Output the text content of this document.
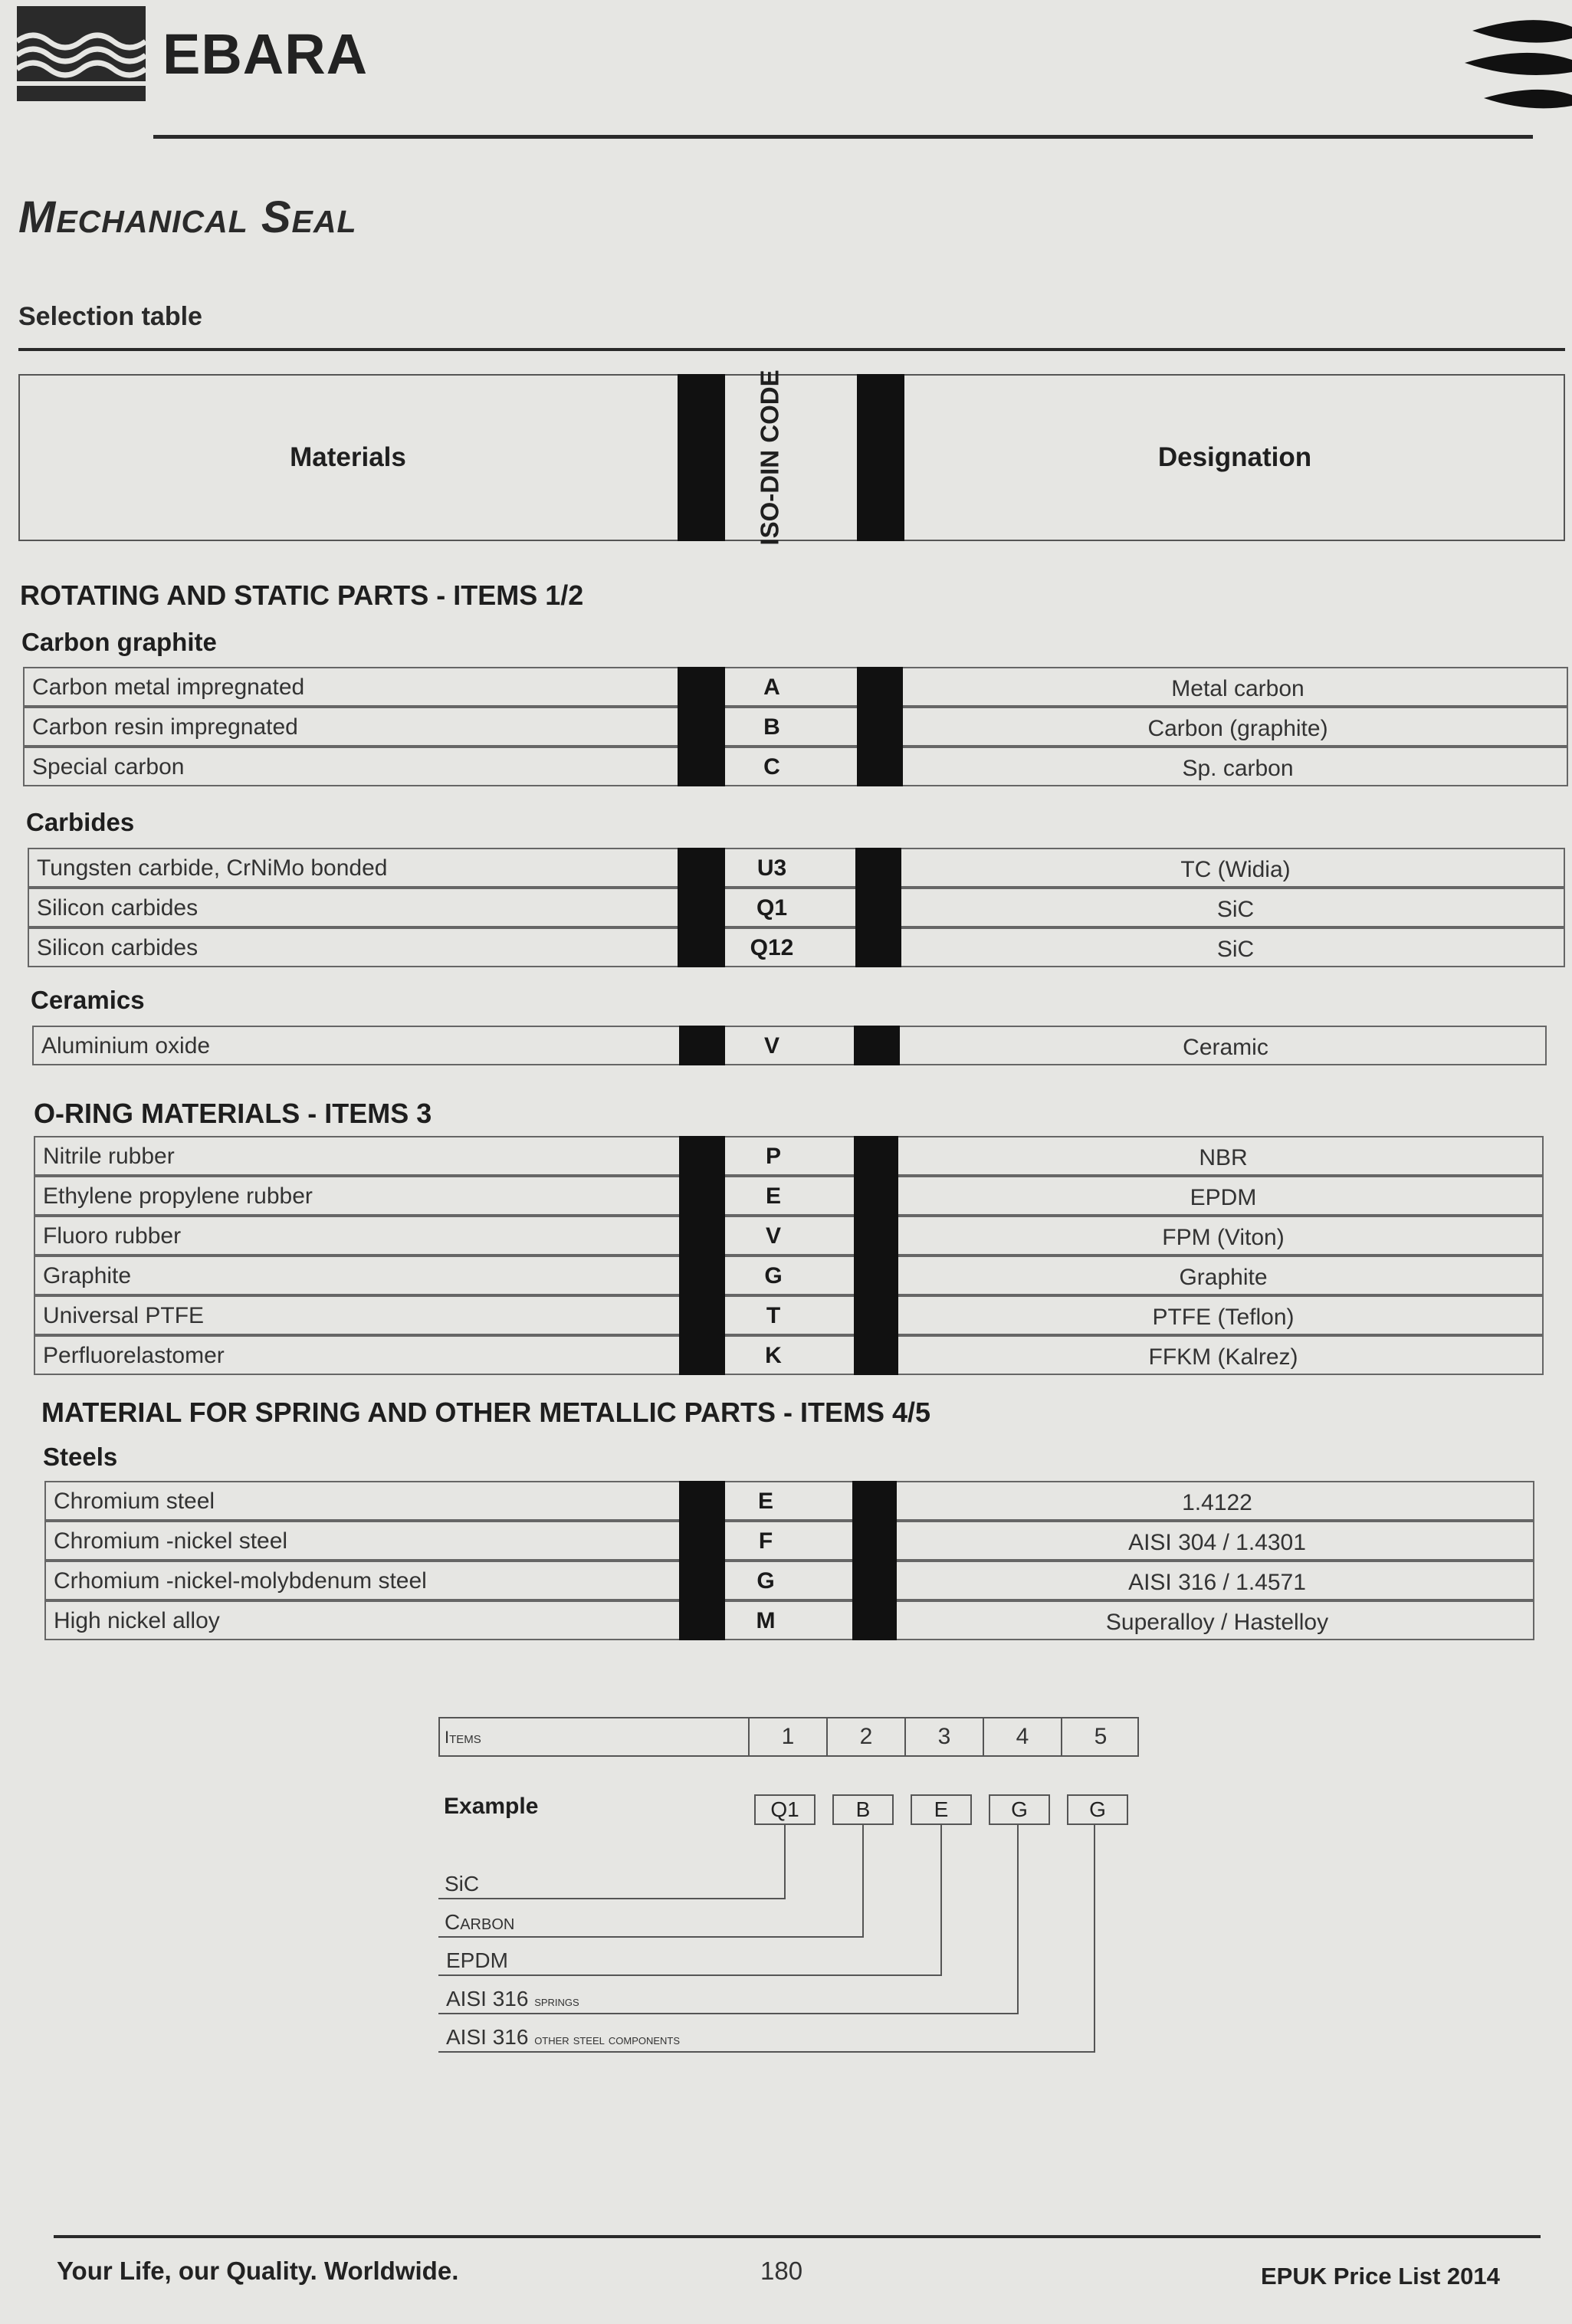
EBARA
Mechanical Seal
Selection table
Materials	ISO-DIN CODE	Designation
ROTATING AND STATIC PARTS - ITEMS 1/2
Carbon graphite
Carbon metal impregnated	A	Metal carbon
Carbon resin impregnated	B	Carbon (graphite)
Special carbon	C	Sp. carbon
Carbides
Tungsten carbide, CrNiMo bonded	U3	TC (Widia)
Silicon carbides	Q1	SiC
Silicon carbides	Q12	SiC
Ceramics
Aluminium oxide	V	Ceramic
O-RING MATERIALS - ITEMS 3
Nitrile rubber	P	NBR
Ethylene propylene rubber	E	EPDM
Fluoro rubber	V	FPM (Viton)
Graphite	G	Graphite
Universal PTFE	T	PTFE (Teflon)
Perfluorelastomer	K	FFKM (Kalrez)
MATERIAL FOR SPRING AND OTHER METALLIC PARTS - ITEMS 4/5
Steels
Chromium steel	E	1.4122
Chromium -nickel steel	F	AISI 304 / 1.4301
Crhomium -nickel-molybdenum steel	G	AISI 316 / 1.4571
High nickel alloy	M	Superalloy / Hastelloy
Items	1	2	3	4	5
Example	Q1	B	E	G	G
SiC
Carbon
EPDM
AISI 316 springs
AISI 316 other steel components
Your Life, our Quality. Worldwide.	180	EPUK Price List 2014
